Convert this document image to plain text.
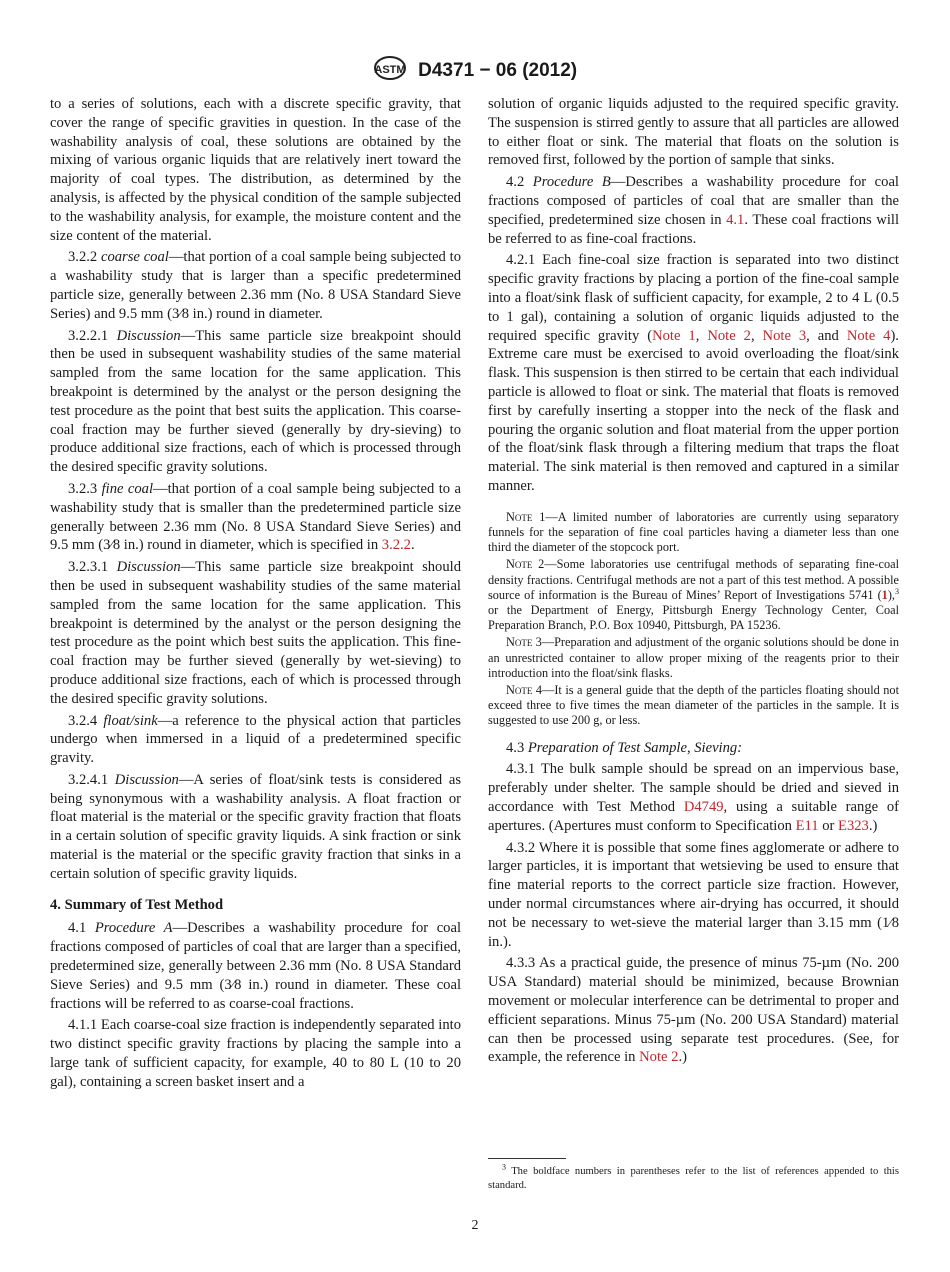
ASTM D4371 − 06 (2012)

to a series of solutions, each with a discrete specific gravity, that cover the range of specific gravities in question. In the case of the washability analysis of coal, these solutions are obtained by the mixing of various organic liquids that are relatively inert toward the majority of coal types. The distribution, as determined by the analysis, is affected by the physical condition of the sample subjected to the washability analysis, for example, the moisture content and the size content of the material.

3.2.2 coarse coal—that portion of a coal sample being subjected to a washability study that is larger than a specific predetermined particle size, generally between 2.36 mm (No. 8 USA Standard Sieve Series) and 9.5 mm (3⁄8 in.) round in diameter.

3.2.2.1 Discussion—This same particle size breakpoint should then be used in subsequent washability studies of the same material sampled from the same location for the same application. This breakpoint is determined by the analyst or the person designing the test procedure as the point that best suits the application. This coarse-coal fraction may be further sieved (generally by dry-sieving) to produce additional size fractions, each of which is processed through the desired specific gravity solutions.

3.2.3 fine coal—that portion of a coal sample being subjected to a washability study that is smaller than the predetermined particle size generally between 2.36 mm (No. 8 USA Standard Sieve Series) and 9.5 mm (3⁄8 in.) round in diameter, which is specified in 3.2.2.

3.2.3.1 Discussion—This same particle size breakpoint should then be used in subsequent washability studies of the same material sampled from the same location for the same application. This breakpoint is determined by the analyst or the person designing the test procedure as the point which best suits the application. This fine-coal fraction may be further sieved (generally by wet-sieving) to produce additional size fractions, each of which is processed through the desired specific gravity solutions.

3.2.4 float/sink—a reference to the physical action that particles undergo when immersed in a liquid of a predetermined specific gravity.

3.2.4.1 Discussion—A series of float/sink tests is considered as being synonymous with a washability analysis. A float fraction or float material is the material or the specific gravity fraction that floats in a certain solution of specific gravity liquids. A sink fraction or sink material is the material or the specific gravity fraction that sinks in a certain solution of specific gravity liquids.

4. Summary of Test Method

4.1 Procedure A—Describes a washability procedure for coal fractions composed of particles of coal that are larger than a specified, predetermined size, generally between 2.36 mm (No. 8 USA Standard Sieve Series) and 9.5 mm (3⁄8 in.) round in diameter. These coal fractions will be referred to as coarse-coal fractions.

4.1.1 Each coarse-coal size fraction is independently separated into two distinct specific gravity fractions by placing the sample into a large tank of sufficient capacity, for example, 40 to 80 L (10 to 20 gal), containing a screen basket insert and a

solution of organic liquids adjusted to the required specific gravity. The suspension is stirred gently to assure that all particles are allowed to either float or sink. The material that floats on the solution is removed first, followed by the portion of sample that sinks.

4.2 Procedure B—Describes a washability procedure for coal fractions composed of particles of coal that are smaller than the specified, predetermined size chosen in 4.1. These coal fractions will be referred to as fine-coal fractions.

4.2.1 Each fine-coal size fraction is separated into two distinct specific gravity fractions by placing a portion of the fine-coal sample into a float/sink flask of sufficient capacity, for example, 2 to 4 L (0.5 to 1 gal), containing a solution of organic liquids adjusted to the required specific gravity (Note 1, Note 2, Note 3, and Note 4). Extreme care must be exercised to avoid overloading the float/sink flask. This suspension is then stirred to be certain that each individual particle is allowed to float or sink. The material that floats is removed first by carefully inserting a stopper into the neck of the flask and pouring the organic solution and float material from the upper portion of the float/sink flask through a filtering medium that traps the float material. The sink material is then removed and captured in a similar manner.

Note 1—A limited number of laboratories are currently using separatory funnels for the separation of fine coal particles having a diameter less than one third the diameter of the stopcock port.

Note 2—Some laboratories use centrifugal methods of separating fine-coal density fractions. Centrifugal methods are not a part of this test method. A possible source of information is the Bureau of Mines’ Report of Investigations 5741 (1),$^3$ or the Department of Energy, Pittsburgh Energy Technology Center, Coal Preparation Branch, P.O. Box 10940, Pittsburgh, PA 15236.

Note 3—Preparation and adjustment of the organic solutions should be done in an unrestricted container to allow proper mixing of the reagents prior to their introduction into the float/sink flasks.

Note 4—It is a general guide that the depth of the particles floating should not exceed three to five times the mean diameter of the particles in the sample. It is suggested to use 200 g, or less.

4.3 Preparation of Test Sample, Sieving:

4.3.1 The bulk sample should be spread on an impervious base, preferably under shelter. The sample should be dried and sieved in accordance with Test Method D4749, using a suitable range of apertures. (Apertures must conform to Specification E11 or E323.)

4.3.2 Where it is possible that some fines agglomerate or adhere to larger particles, it is important that wetsieving be used to ensure that fine material reports to the correct particle size fraction. However, under normal circumstances where air-drying has occurred, it should not be necessary to wet-sieve the material larger than 3.15 mm (1⁄8 in.).

4.3.3 As a practical guide, the presence of minus 75-µm (No. 200 USA Standard) material should be minimized, because Brownian movement or molecular interference can be detrimental to proper and efficient separations. Minus 75-µm (No. 200 USA Standard) material can then be processed using separate test procedures. (See, for example, the reference in Note 2.)

$^3$ The boldface numbers in parentheses refer to the list of references appended to this standard.

2
